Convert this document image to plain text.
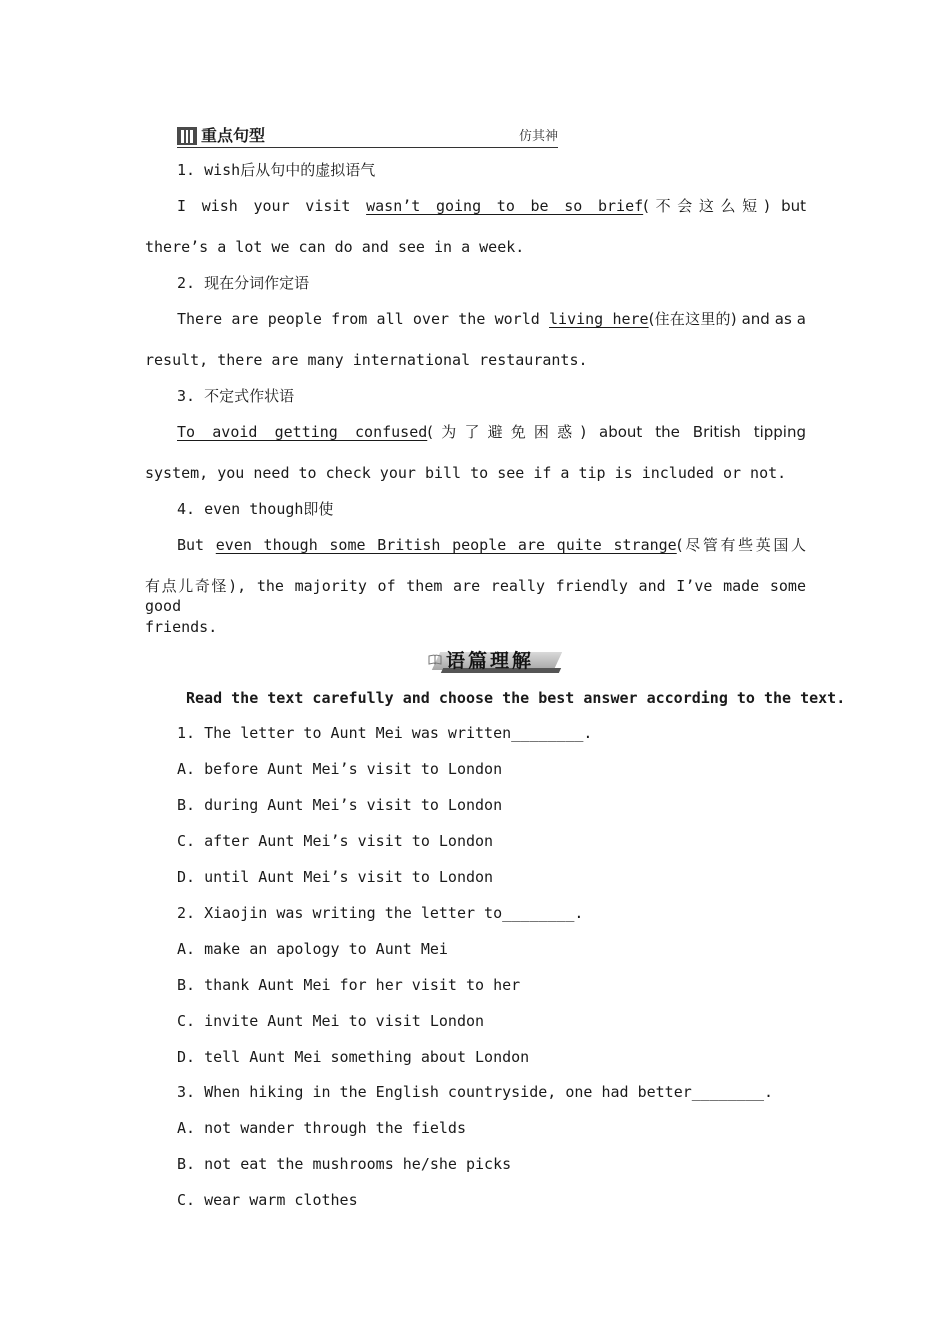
重点句型	仿其神
1. wish后从句中的虚拟语气
I wish your visit wasn’t going to be so brief(不会这么短) but
there’s a lot we can do and see in a week.
2. 现在分词作定语
There are people from all over the world living here(住在这里的) and as a
result, there are many international restaurants.
3. 不定式作状语
To avoid getting confused(为了避免困惑) about the British tipping
system, you need to check your bill to see if a tip is included or not.
4. even though即使
But even though some British people are quite strange(尽管有些英国人
有点儿奇怪), the majority of them are really friendly and I’ve made some good
friends.
语篇理解
Read the text carefully and choose the best answer according to the text.
1. The letter to Aunt Mei was written________.
A. before Aunt Mei’s visit to London
B. during Aunt Mei’s visit to London
C. after Aunt Mei’s visit to London
D. until Aunt Mei’s visit to London
2. Xiaojin was writing the letter to________.
A. make an apology to Aunt Mei
B. thank Aunt Mei for her visit to her
C. invite Aunt Mei to visit London
D. tell Aunt Mei something about London
3. When hiking in the English countryside, one had better________.
A. not wander through the fields
B. not eat the mushrooms he/she picks
C. wear warm clothes
